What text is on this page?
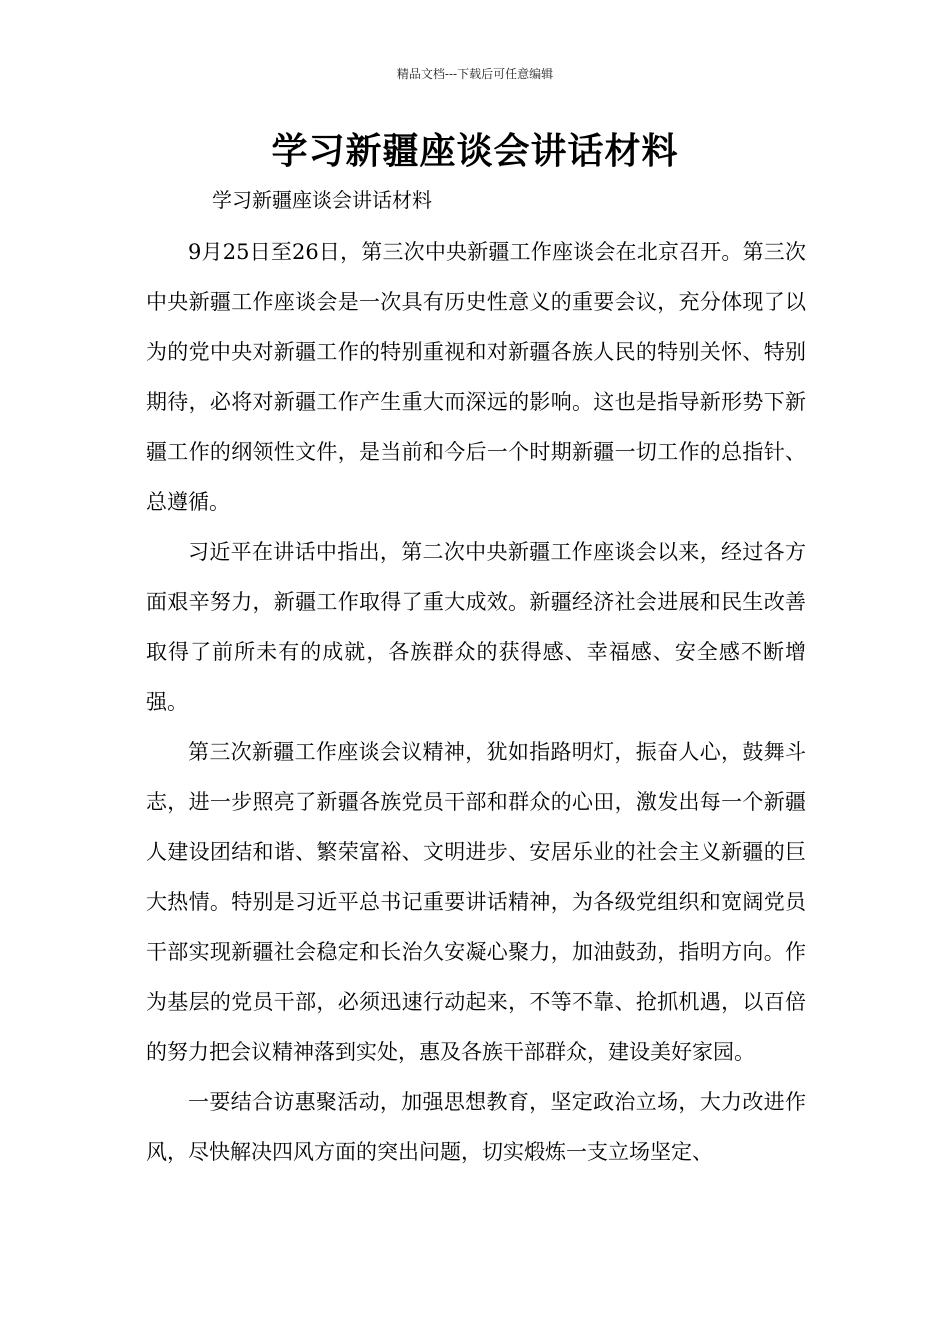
精品文档---下载后可任意编辑
学习新疆座谈会讲话材料
学习新疆座谈会讲话材料

9月25日至26日，第三次中央新疆工作座谈会在北京召开。第三次中央新疆工作座谈会是一次具有历史性意义的重要会议，充分体现了以为的党中央对新疆工作的特别重视和对新疆各族人民的特别关怀、特别期待，必将对新疆工作产生重大而深远的影响。这也是指导新形势下新疆工作的纲领性文件，是当前和今后一个时期新疆一切工作的总指针、总遵循。

习近平在讲话中指出，第二次中央新疆工作座谈会以来，经过各方面艰辛努力，新疆工作取得了重大成效。新疆经济社会进展和民生改善取得了前所未有的成就，各族群众的获得感、幸福感、安全感不断增强。

第三次新疆工作座谈会议精神，犹如指路明灯，振奋人心，鼓舞斗志，进一步照亮了新疆各族党员干部和群众的心田，激发出每一个新疆人建设团结和谐、繁荣富裕、文明进步、安居乐业的社会主义新疆的巨大热情。特别是习近平总书记重要讲话精神，为各级党组织和宽阔党员干部实现新疆社会稳定和长治久安凝心聚力，加油鼓劲，指明方向。作为基层的党员干部，必须迅速行动起来，不等不靠、抢抓机遇，以百倍的努力把会议精神落到实处，惠及各族干部群众，建设美好家园。

一要结合访惠聚活动，加强思想教育，坚定政治立场，大力改进作风，尽快解决四风方面的突出问题，切实煅炼一支立场坚定、
